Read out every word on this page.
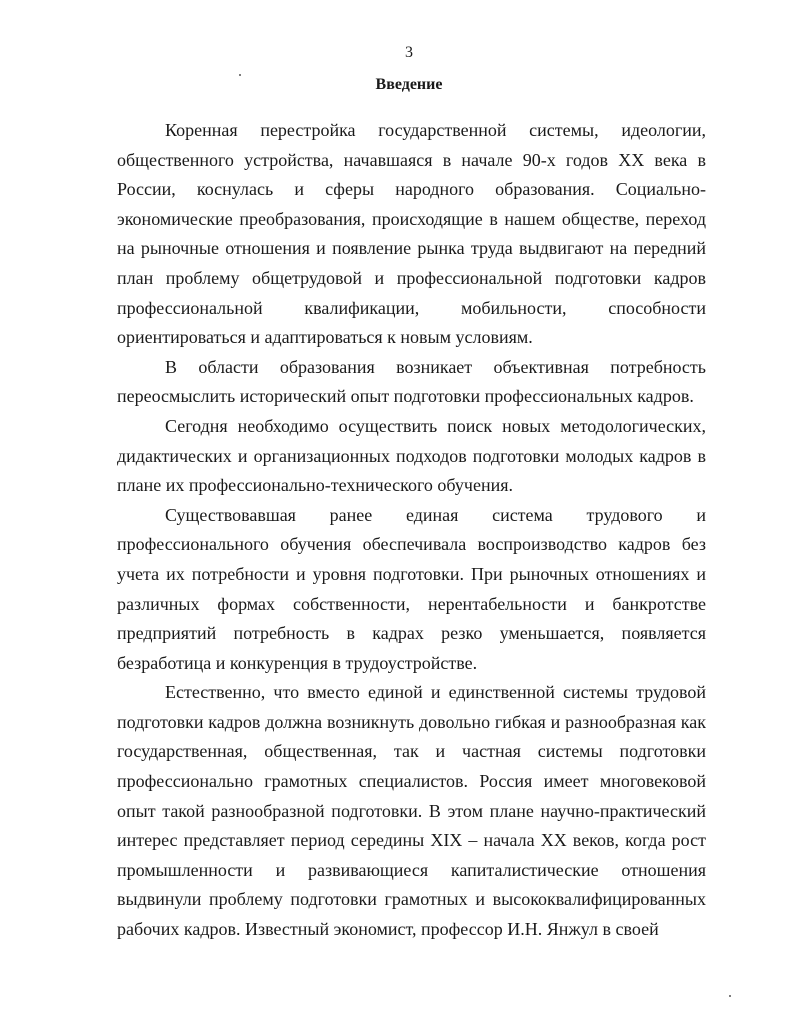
3
Введение

Коренная перестройка государственной системы, идеологии, общественного устройства, начавшаяся в начале 90-х годов XX века в России, коснулась и сферы народного образования. Социально-экономические преобразования, происходящие в нашем обществе, переход на рыночные отношения и появление рынка труда выдвигают на передний план проблему общетрудовой и профессиональной подготовки кадров профессиональной квалификации, мобильности, способности ориентироваться и адаптироваться к новым условиям.

В области образования возникает объективная потребность переосмыслить исторический опыт подготовки профессиональных кадров.

Сегодня необходимо осуществить поиск новых методологических, дидактических и организационных подходов подготовки молодых кадров в плане их профессионально-технического обучения.

Существовавшая ранее единая система трудового и профессионального обучения обеспечивала воспроизводство кадров без учета их потребности и уровня подготовки. При рыночных отношениях и различных формах собственности, нерентабельности и банкротстве предприятий потребность в кадрах резко уменьшается, появляется безработица и конкуренция в трудоустройстве.

Естественно, что вместо единой и единственной системы трудовой подготовки кадров должна возникнуть довольно гибкая и разнообразная как государственная, общественная, так и частная системы подготовки профессионально грамотных специалистов. Россия имеет многовековой опыт такой разнообразной подготовки. В этом плане научно-практический интерес представляет период середины XIX – начала XX веков, когда рост промышленности и развивающиеся капиталистические отношения выдвинули проблему подготовки грамотных и высококвалифицированных рабочих кадров. Известный экономист, профессор И.Н. Янжул в своей
